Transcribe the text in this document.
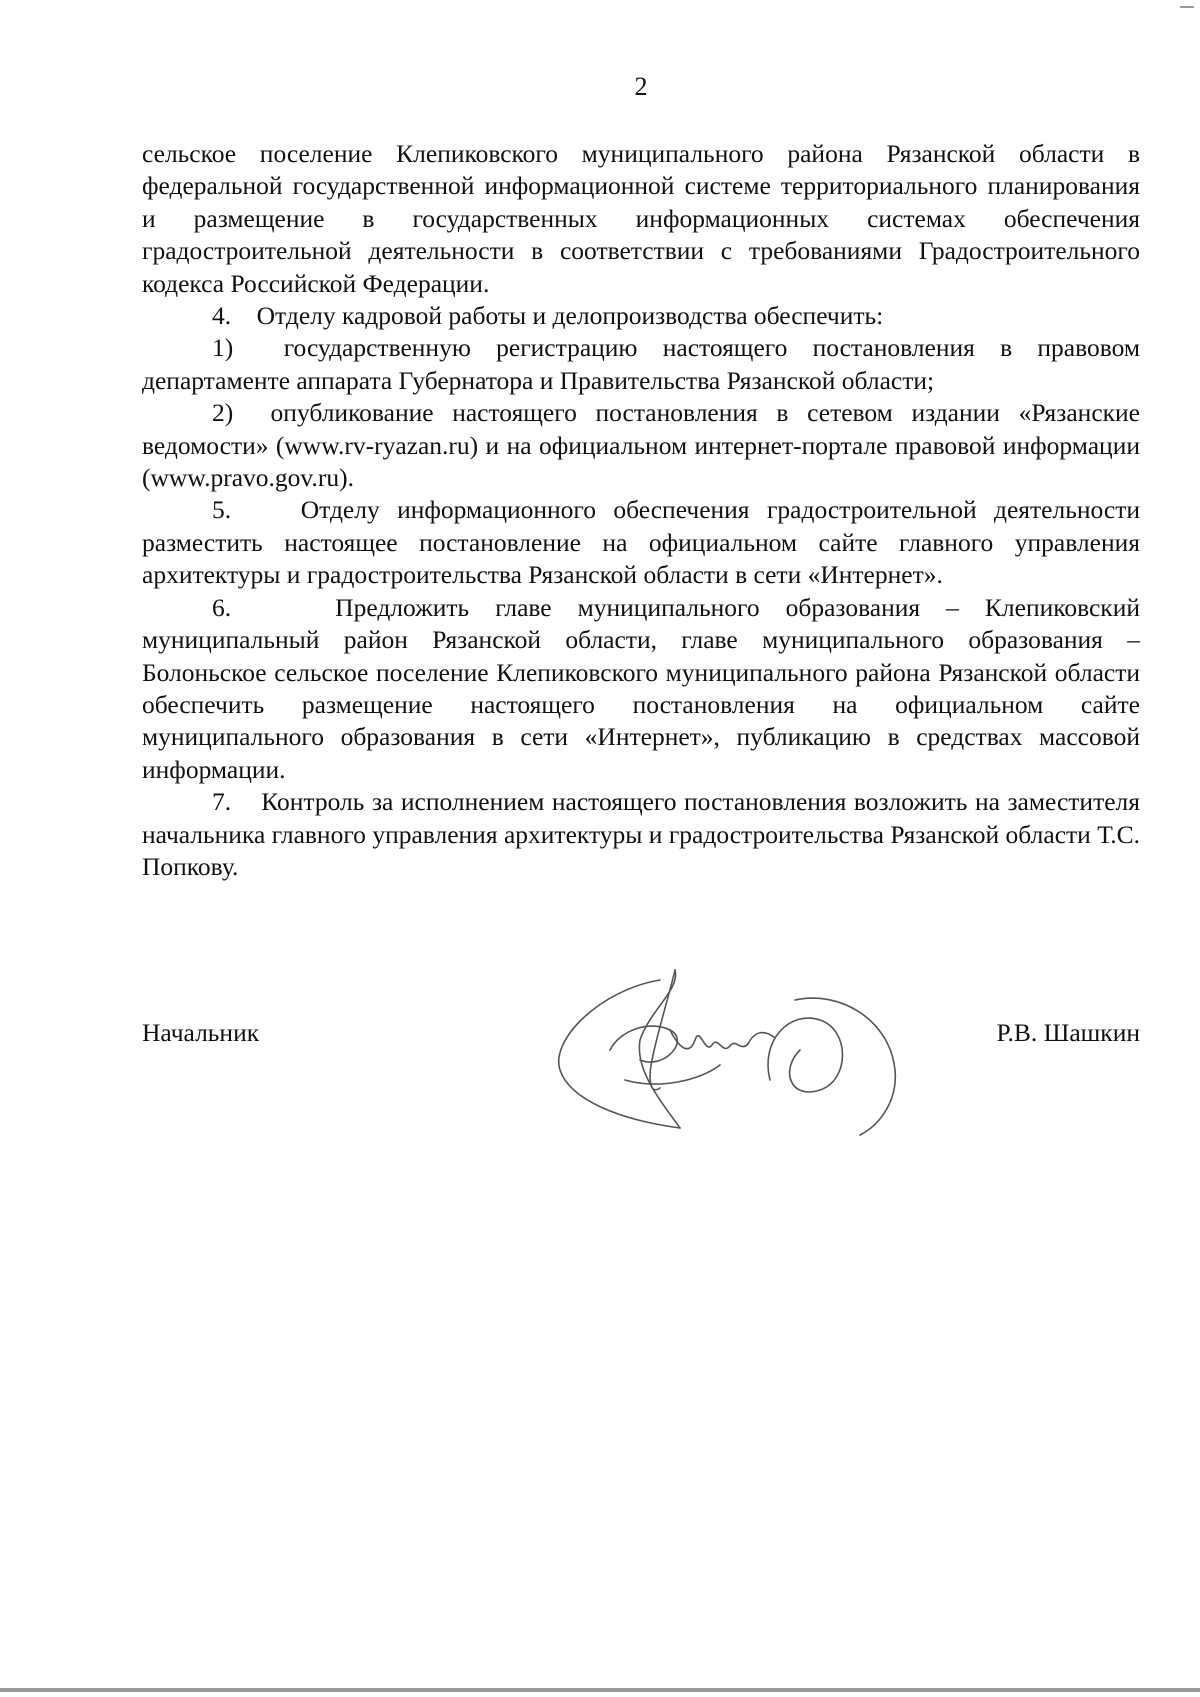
2

сельское поселение Клепиковского муниципального района Рязанской области в федеральной государственной информационной системе территориального планирования и размещение в государственных информационных системах обеспечения градостроительной деятельности в соответствии с требованиями Градостроительного кодекса Российской Федерации.

4.    Отделу кадровой работы и делопроизводства обеспечить:

1)  государственную регистрацию настоящего постановления в правовом департаменте аппарата Губернатора и Правительства Рязанской области;

2)  опубликование настоящего постановления в сетевом издании «Рязанские ведомости» (www.rv-ryazan.ru) и на официальном интернет-портале правовой информации (www.pravo.gov.ru).

5.    Отделу информационного обеспечения градостроительной деятельности разместить настоящее постановление на официальном сайте главного управления архитектуры и градостроительства Рязанской области в сети «Интернет».

6.    Предложить главе муниципального образования – Клепиковский муниципальный район Рязанской области, главе муниципального образования – Болоньское сельское поселение Клепиковского муниципального района Рязанской области обеспечить размещение настоящего постановления на официальном сайте муниципального образования в сети «Интернет», публикацию в средствах массовой информации.

7.    Контроль за исполнением настоящего постановления возложить на заместителя начальника главного управления архитектуры и градостроительства Рязанской области Т.С. Попкову.

Начальник	Р.В. Шашкин
